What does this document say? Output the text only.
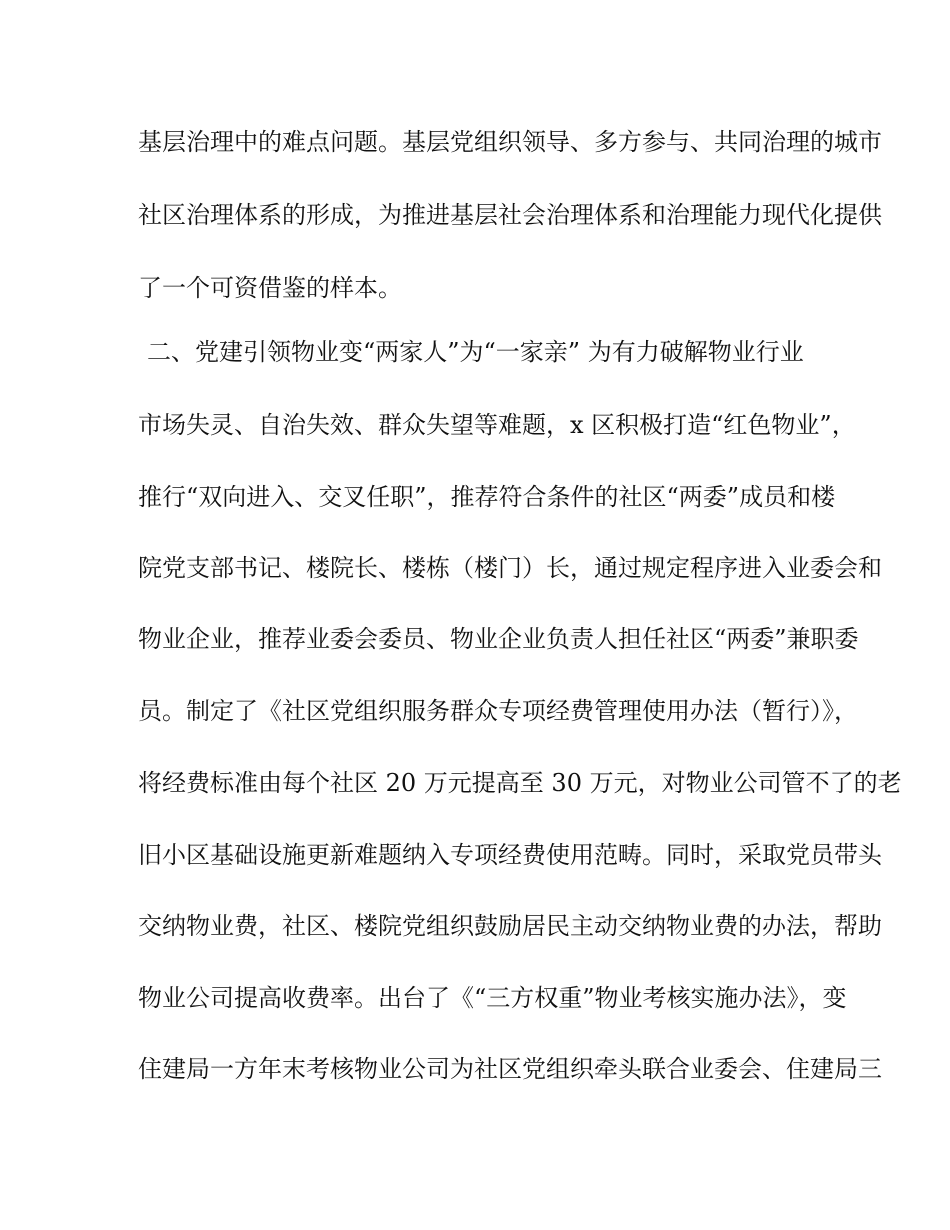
基层治理中的难点问题。基层党组织领导、多方参与、共同治理的城市

社区治理体系的形成，为推进基层社会治理体系和治理能力现代化提供

了一个可资借鉴的样本。

二、党建引领物业变“两家人”为“一家亲” 为有力破解物业行业

市场失灵、自治失效、群众失望等难题，x 区积极打造“红色物业”，

推行“双向进入、交叉任职”，推荐符合条件的社区“两委”成员和楼

院党支部书记、楼院长、楼栋（楼门）长，通过规定程序进入业委会和

物业企业，推荐业委会委员、物业企业负责人担任社区“两委”兼职委

员。制定了《社区党组织服务群众专项经费管理使用办法（暂行）》，

将经费标准由每个社区 20 万元提高至 30 万元，对物业公司管不了的老

旧小区基础设施更新难题纳入专项经费使用范畴。同时，采取党员带头

交纳物业费，社区、楼院党组织鼓励居民主动交纳物业费的办法，帮助

物业公司提高收费率。出台了《“三方权重”物业考核实施办法》，变

住建局一方年末考核物业公司为社区党组织牵头联合业委会、住建局三
